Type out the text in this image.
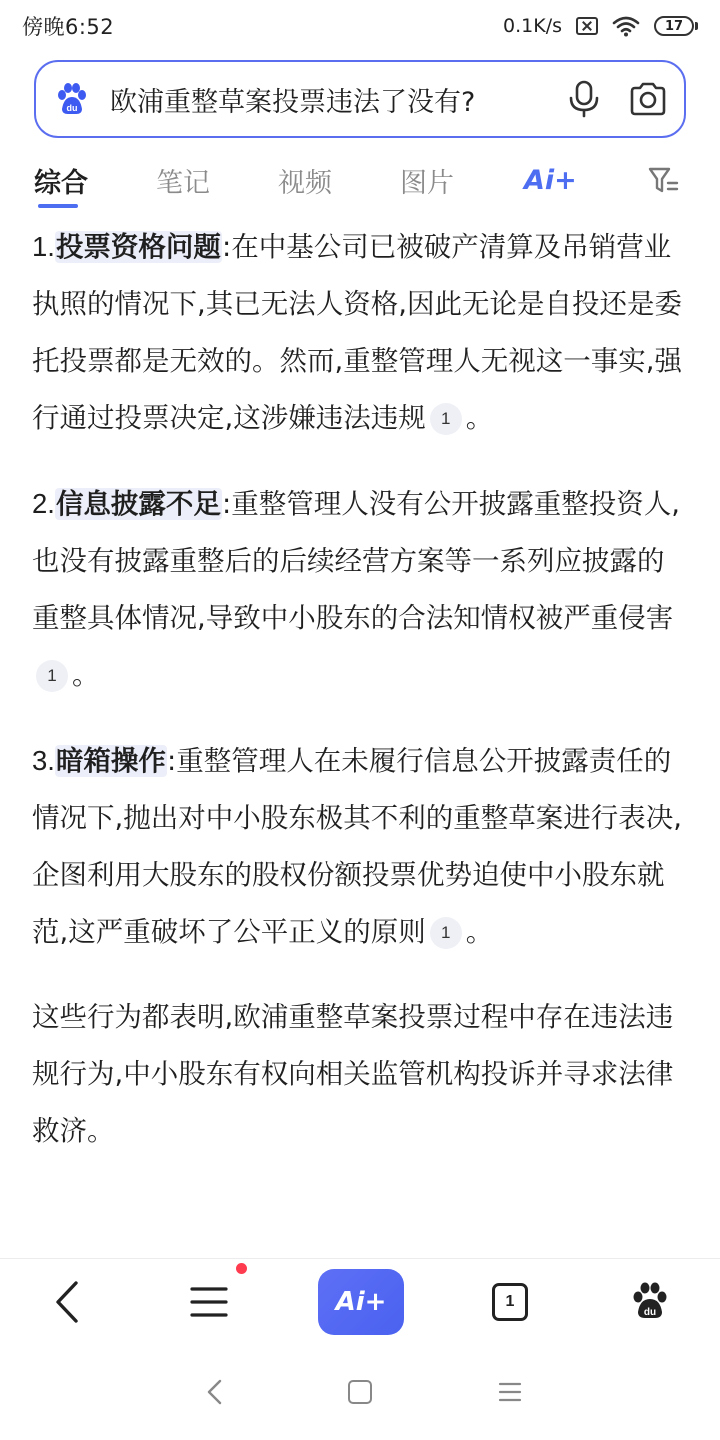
傍晚6:52	0.1K/s	17
du 欧浦重整草案投票违法了没有?
综合	笔记	视频	图片	Ai+

1.投票资格问题:在中基公司已被破产清算及吊销营业执照的情况下,其已无法人资格,因此无论是自投还是委托投票都是无效的。然而,重整管理人无视这一事实,强行通过投票决定,这涉嫌违法违规 1 。

2.信息披露不足:重整管理人没有公开披露重整投资人,也没有披露重整后的后续经营方案等一系列应披露的重整具体情况,导致中小股东的合法知情权被严重侵害1 。

3.暗箱操作:重整管理人在未履行信息公开披露责任的情况下,抛出对中小股东极其不利的重整草案进行表决,企图利用大股东的股权份额投票优势迫使中小股东就范,这严重破坏了公平正义的原则 1 。

这些行为都表明,欧浦重整草案投票过程中存在违法违规行为,中小股东有权向相关监管机构投诉并寻求法律救济。

Ai+	1
du
